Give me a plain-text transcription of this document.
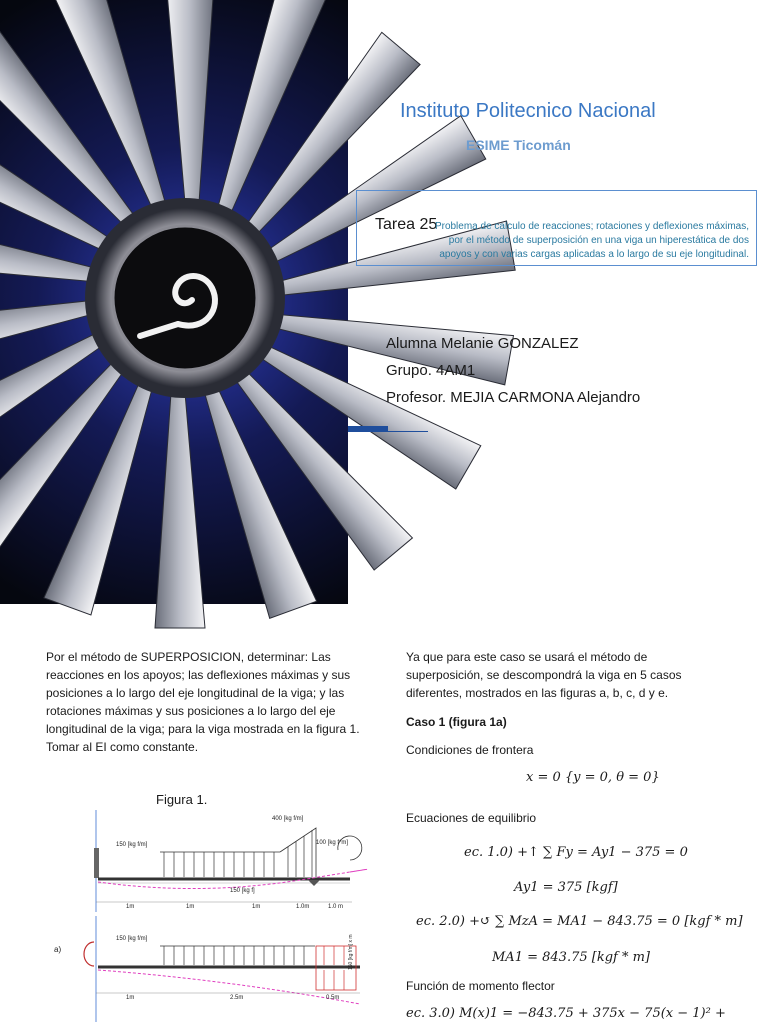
Instituto Politecnico Nacional
ESIME Ticomán
Tarea 25
Problema de calculo de reacciones; rotaciones y deflexiones máximas, por el método de superposición en una viga un hiperestática de dos apoyos y con varias cargas aplicadas a lo largo de su eje longitudinal.
Alumna Melanie GONZALEZ
Grupo. 4AM1
Profesor. MEJIA CARMONA Alejandro
Por el método de SUPERPOSICION, determinar: Las reacciones en los apoyos; las deflexiones máximas y sus posiciones a lo largo del eje longitudinal de la viga; y las rotaciones máximas y sus posiciones a lo largo del eje longitudinal de la viga; para la viga mostrada en la figura 1. Tomar al EI como constante.
Figura 1.
150 [kg f/m]
400 [kg f/m]
100 [kg f*m]
150 [kg f]
1m	1m	1m	1.0m	1.0 m
a)
150 [kg f/m]	150 [kg f/m] x m
1m	2.5m	0.5m
Ya que para este caso se usará el método de superposición, se descompondrá la viga en 5 casos diferentes, mostrados en las figuras a, b, c, d y e.
Caso 1 (figura 1a)
Condiciones de frontera
x = 0 {y = 0, θ = 0}
Ecuaciones de equilibrio
ec. 1.0) +↑ ∑ Fy = Ay1 − 375 = 0
Ay1 = 375 [kgf]
ec. 2.0) +↺ ∑ MzA = MA1 − 843.75 = 0 [kgf * m]
MA1 = 843.75 [kgf * m]
Función de momento flector
ec. 3.0) M(x)1 = −843.75 + 375x − 75(x − 1)² +
